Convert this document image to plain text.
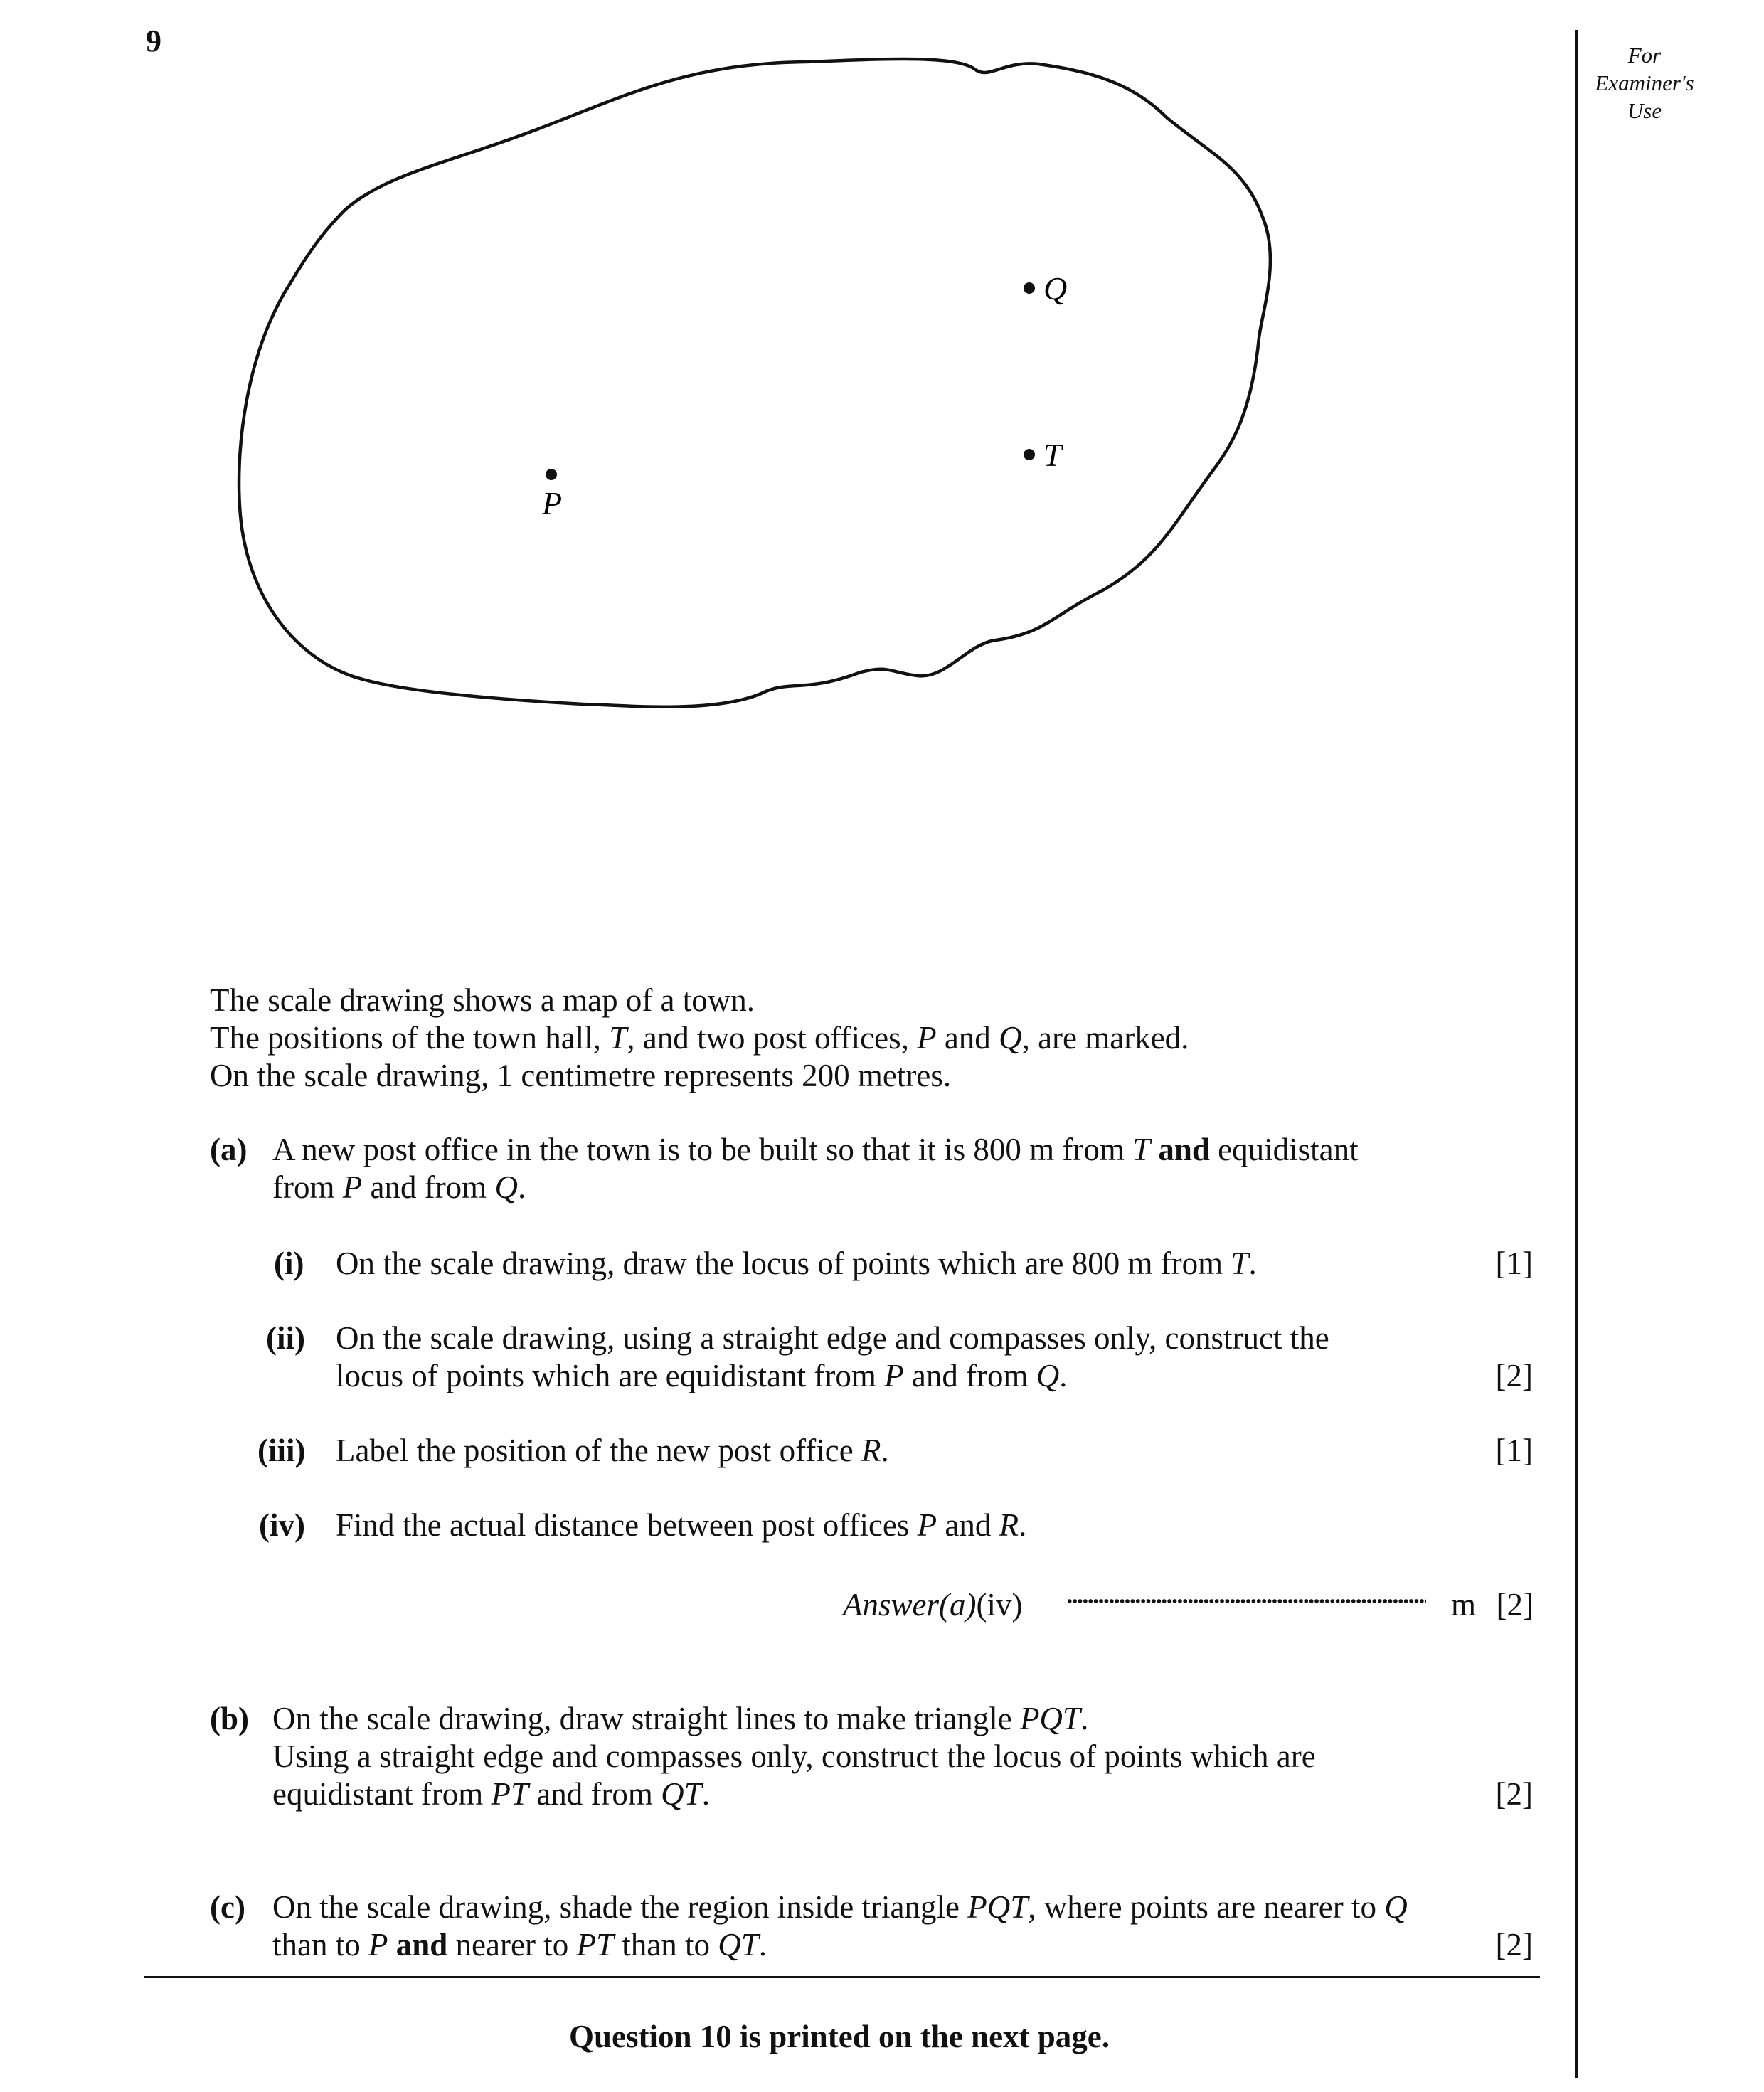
9	For
Examiner's
Use
P
Q
T
The scale drawing shows a map of a town.
The positions of the town hall, T, and two post offices, P and Q, are marked.
On the scale drawing, 1 centimetre represents 200 metres.
(a) A new post office in the town is to be built so that it is 800 m from T and equidistant
from P and from Q.
(i) On the scale drawing, draw the locus of points which are 800 m from T.	[1]
(ii) On the scale drawing, using a straight edge and compasses only, construct the
locus of points which are equidistant from P and from Q.	[2]
(iii) Label the position of the new post office R.	[1]
(iv) Find the actual distance between post offices P and R.
Answer(a)(iv)	m [2]
(b) On the scale drawing, draw straight lines to make triangle PQT.
Using a straight edge and compasses only, construct the locus of points which are
equidistant from PT and from QT.	[2]
(c) On the scale drawing, shade the region inside triangle PQT, where points are nearer to Q
than to P and nearer to PT than to QT.	[2]
Question 10 is printed on the next page.
